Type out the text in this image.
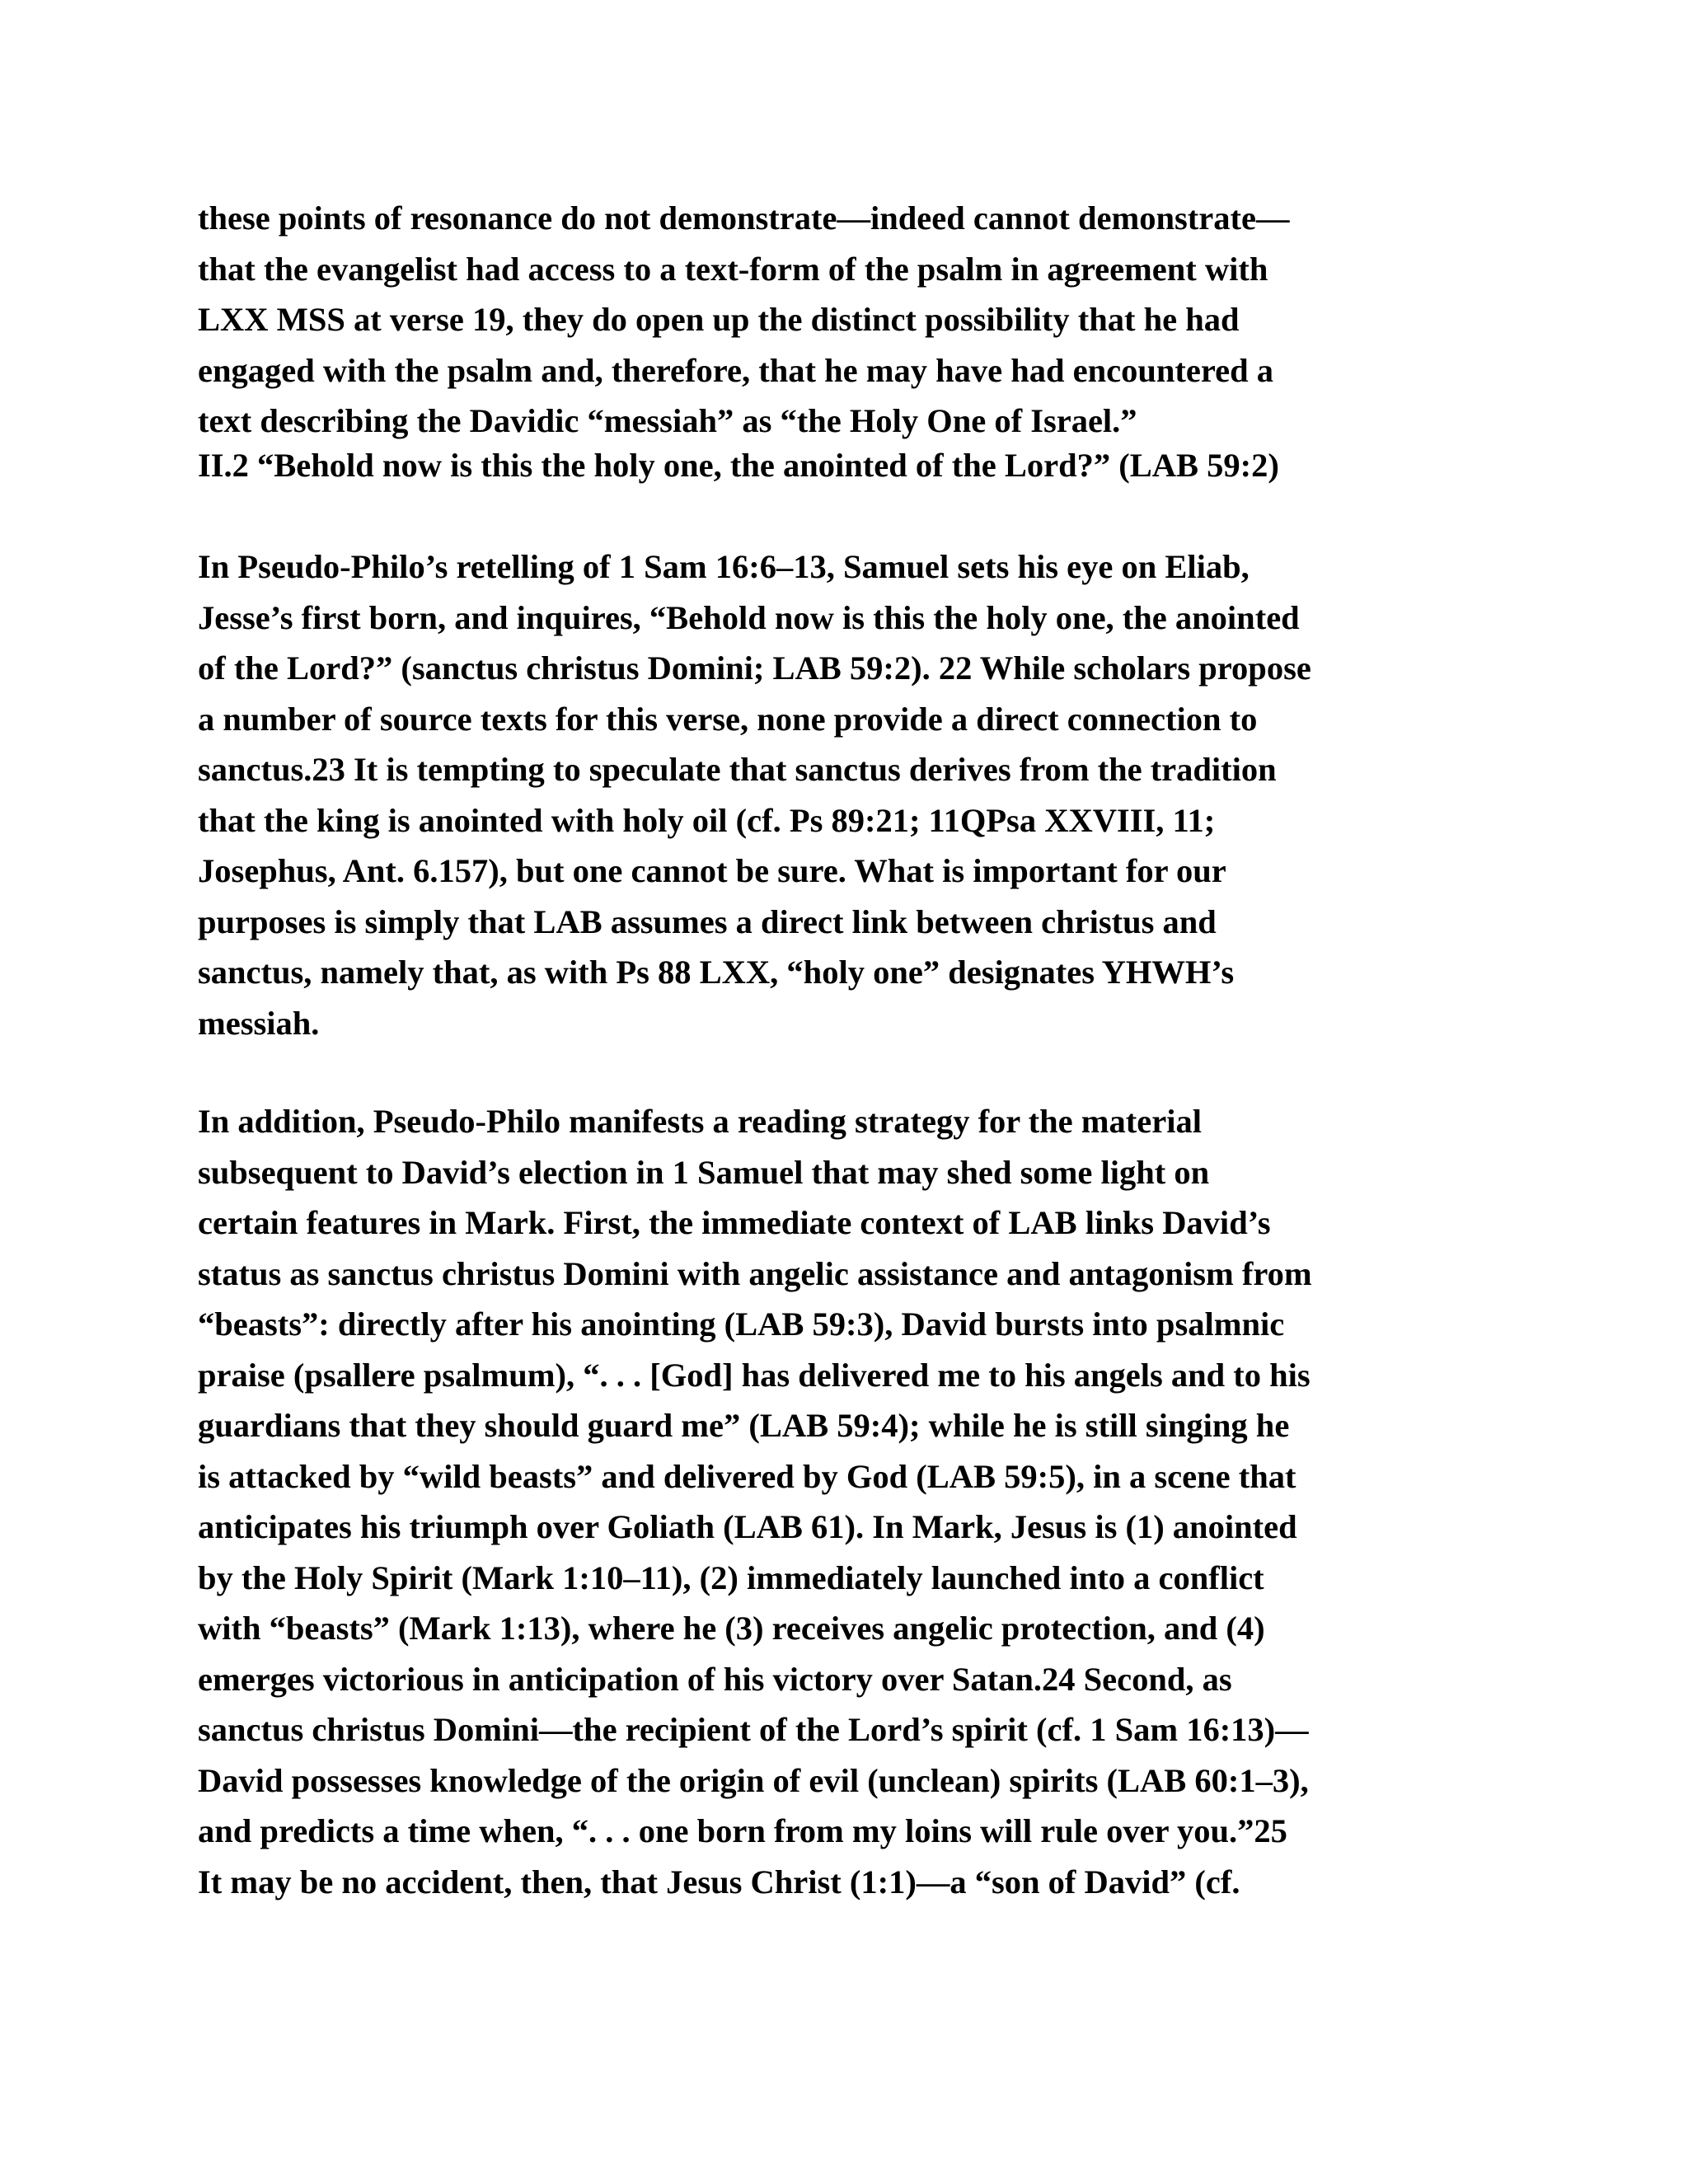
these points of resonance do not demonstrate—indeed cannot demonstrate—
that the evangelist had access to a text-form of the psalm in agreement with
LXX MSS at verse 19, they do open up the distinct possibility that he had
engaged with the psalm and, therefore, that he may have had encountered a
text describing the Davidic “messiah” as “the Holy One of Israel.”
II.2 “Behold now is this the holy one, the anointed of the Lord?” (LAB 59:2)
In Pseudo-Philo’s retelling of 1 Sam 16:6–13, Samuel sets his eye on Eliab,
Jesse’s first born, and inquires, “Behold now is this the holy one, the anointed
of the Lord?” (sanctus christus Domini; LAB 59:2). 22 While scholars propose
a number of source texts for this verse, none provide a direct connection to
sanctus.23 It is tempting to speculate that sanctus derives from the tradition
that the king is anointed with holy oil (cf. Ps 89:21; 11QPsa XXVIII, 11;
Josephus, Ant. 6.157), but one cannot be sure. What is important for our
purposes is simply that LAB assumes a direct link between christus and
sanctus, namely that, as with Ps 88 LXX, “holy one” designates YHWH’s
messiah.
In addition, Pseudo-Philo manifests a reading strategy for the material
subsequent to David’s election in 1 Samuel that may shed some light on
certain features in Mark. First, the immediate context of LAB links David’s
status as sanctus christus Domini with angelic assistance and antagonism from
“beasts”: directly after his anointing (LAB 59:3), David bursts into psalmnic
praise (psallere psalmum), “. . . [God] has delivered me to his angels and to his
guardians that they should guard me” (LAB 59:4); while he is still singing he
is attacked by “wild beasts” and delivered by God (LAB 59:5), in a scene that
anticipates his triumph over Goliath (LAB 61). In Mark, Jesus is (1) anointed
by the Holy Spirit (Mark 1:10–11), (2) immediately launched into a conflict
with “beasts” (Mark 1:13), where he (3) receives angelic protection, and (4)
emerges victorious in anticipation of his victory over Satan.24 Second, as
sanctus christus Domini—the recipient of the Lord’s spirit (cf. 1 Sam 16:13)—
David possesses knowledge of the origin of evil (unclean) spirits (LAB 60:1–3),
and predicts a time when, “. . . one born from my loins will rule over you.”25
It may be no accident, then, that Jesus Christ (1:1)—a “son of David” (cf.
